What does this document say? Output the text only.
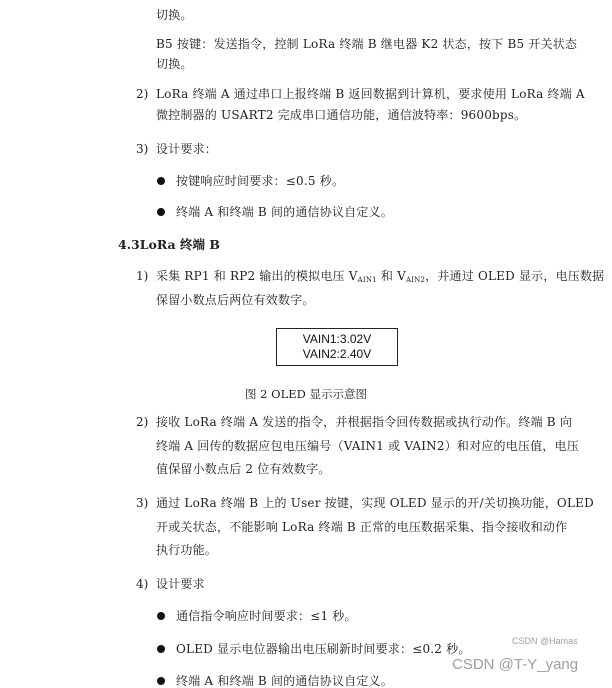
切换。
B5 按键：发送指令，控制 LoRa 终端 B 继电器 K2 状态，按下 B5 开关状态
切换。
2) LoRa 终端 A 通过串口上报终端 B 返回数据到计算机，要求使用 LoRa 终端 A
微控制器的 USART2 完成串口通信功能，通信波特率：9600bps。
3) 设计要求：
按键响应时间要求：≤0.5 秒。
终端 A 和终端 B 间的通信协议自定义。
4.3LoRa 终端 B
1) 采集 RP1 和 RP2 输出的模拟电压 $V_{AIN1}$ 和 $V_{AIN2}$，并通过 OLED 显示，电压数据
保留小数点后两位有效数字。
VAIN1:3.02V
VAIN2:2.40V
图 2 OLED 显示示意图
2) 接收 LoRa 终端 A 发送的指令，并根据指令回传数据或执行动作。终端 B 向
终端 A 回传的数据应包电压编号（VAIN1 或 VAIN2）和对应的电压值，电压
值保留小数点后 2 位有效数字。
3) 通过 LoRa 终端 B 上的 User 按键，实现 OLED 显示的开/关切换功能，OLED
开或关状态，不能影响 LoRa 终端 B 正常的电压数据采集、指令接收和动作
执行功能。
4) 设计要求
通信指令响应时间要求：≤1 秒。
OLED 显示电位器输出电压刷新时间要求：≤0.2 秒。
终端 A 和终端 B 间的通信协议自定义。
CSDN @Hamas
CSDN @T-Y_yang
